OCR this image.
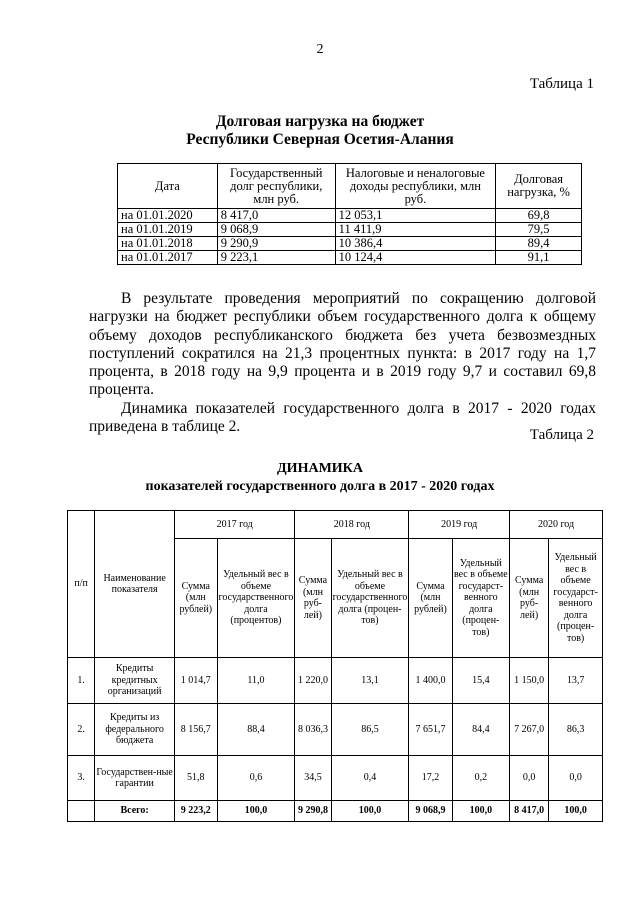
2
Таблица 1
Долговая нагрузка на бюджет
Республики Северная Осетия-Алания
Дата	Государственный долг республики, млн руб.	Налоговые и неналоговые доходы республики, млн руб.	Долговая нагрузка, %
на 01.01.2020	8 417,0	12 053,1	69,8
на 01.01.2019	9 068,9	11 411,9	79,5
на 01.01.2018	9 290,9	10 386,4	89,4
на 01.01.2017	9 223,1	10 124,4	91,1

В результате проведения мероприятий по сокращению долговой нагрузки на бюджет республики объем государственного долга к общему объему доходов республиканского бюджета без учета безвозмездных поступлений сократился на 21,3 процентных пункта: в 2017 году на 1,7 процента, в 2018 году на 9,9 процента и в 2019 году 9,7 и составил 69,8 процента.

Динамика показателей государственного долга в 2017 - 2020 годах приведена в таблице 2.	Таблица 2
ДИНАМИКА
показателей государственного долга в 2017 - 2020 годах
п/п	Наименование показателя	2017 год		2018 год		2019 год		2020 год	
		Сумма (млн рублей)	Удельный вес в объеме государственного долга (процентов)	Сумма (млн руб-лей)	Удельный вес в объеме государственного долга (процен-тов)	Сумма (млн рублей)	Удельный вес в объеме государст-венного долга (процен-тов)	Сумма (млн руб-лей)	Удельный вес в объеме государст-венного долга (процен-тов)
1.	Кредиты кредитных организаций	1 014,7	11,0	1 220,0	13,1	1 400,0	15,4	1 150,0	13,7
2.	Кредиты из федерального бюджета	8 156,7	88,4	8 036,3	86,5	7 651,7	84,4	7 267,0	86,3
3.	Государствен-ные гарантии	51,8	0,6	34,5	0,4	17,2	0,2	0,0	0,0
	Всего:	9 223,2	100,0	9 290,8	100,0	9 068,9	100,0	8 417,0	100,0
